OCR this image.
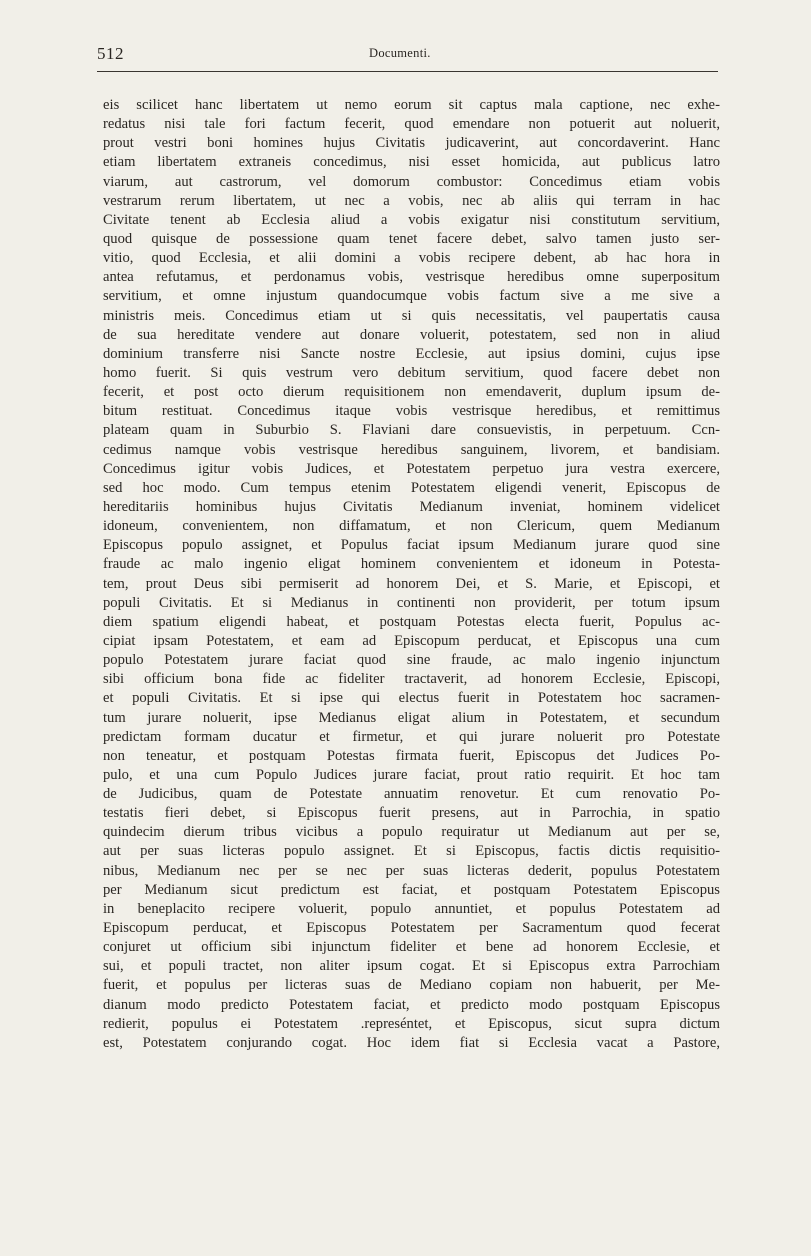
512	Documenti.
eis scilicet hanc libertatem ut nemo eorum sit captus mala captione, nec exhe-
redatus nisi tale fori factum fecerit, quod emendare non potuerit aut noluerit,
prout vestri boni homines hujus Civitatis judicaverint, aut concordaverint. Hanc
etiam libertatem extraneis concedimus, nisi esset homicida, aut publicus latro
viarum, aut castrorum, vel domorum combustor: Concedimus etiam vobis
vestrarum rerum libertatem, ut nec a vobis, nec ab aliis qui terram in hac
Civitate tenent ab Ecclesia aliud a vobis exigatur nisi constitutum servitium,
quod quisque de possessione quam tenet facere debet, salvo tamen justo ser-
vitio, quod Ecclesia, et alii domini a vobis recipere debent, ab hac hora in
antea refutamus, et perdonamus vobis, vestrisque heredibus omne superpositum
servitium, et omne injustum quandocumque vobis factum sive a me sive a
ministris meis. Concedimus etiam ut si quis necessitatis, vel paupertatis causa
de sua hereditate vendere aut donare voluerit, potestatem, sed non in aliud
dominium transferre nisi Sancte nostre Ecclesie, aut ipsius domini, cujus ipse
homo fuerit. Si quis vestrum vero debitum servitium, quod facere debet non
fecerit, et post octo dierum requisitionem non emendaverit, duplum ipsum de-
bitum restituat. Concedimus itaque vobis vestrisque heredibus, et remittimus
plateam quam in Suburbio S. Flaviani dare consuevistis, in perpetuum. Ccn-
cedimus namque vobis vestrisque heredibus sanguinem, livorem, et bandisiam.
Concedimus igitur vobis Judices, et Potestatem perpetuo jura vestra exercere,
sed hoc modo. Cum tempus etenim Potestatem eligendi venerit, Episcopus de
hereditariis hominibus hujus Civitatis Medianum inveniat, hominem videlicet
idoneum, convenientem, non diffamatum, et non Clericum, quem Medianum
Episcopus populo assignet, et Populus faciat ipsum Medianum jurare quod sine
fraude ac malo ingenio eligat hominem convenientem et idoneum in Potesta-
tem, prout Deus sibi permiserit ad honorem Dei, et S. Marie, et Episcopi, et
populi Civitatis. Et si Medianus in continenti non providerit, per totum ipsum
diem spatium eligendi habeat, et postquam Potestas electa fuerit, Populus ac-
cipiat ipsam Potestatem, et eam ad Episcopum perducat, et Episcopus una cum
populo Potestatem jurare faciat quod sine fraude, ac malo ingenio injunctum
sibi officium bona fide ac fideliter tractaverit, ad honorem Ecclesie, Episcopi,
et populi Civitatis. Et si ipse qui electus fuerit in Potestatem hoc sacramen-
tum jurare noluerit, ipse Medianus eligat alium in Potestatem, et secundum
predictam formam ducatur et firmetur, et qui jurare noluerit pro Potestate
non teneatur, et postquam Potestas firmata fuerit, Episcopus det Judices Po-
pulo, et una cum Populo Judices jurare faciat, prout ratio requirit. Et hoc tam
de Judicibus, quam de Potestate annuatim renovetur. Et cum renovatio Po-
testatis fieri debet, si Episcopus fuerit presens, aut in Parrochia, in spatio
quindecim dierum tribus vicibus a populo requiratur ut Medianum aut per se,
aut per suas licteras populo assignet. Et si Episcopus, factis dictis requisitio-
nibus, Medianum nec per se nec per suas licteras dederit, populus Potestatem
per Medianum sicut predictum est faciat, et postquam Potestatem Episcopus
in beneplacito recipere voluerit, populo annuntiet, et populus Potestatem ad
Episcopum perducat, et Episcopus Potestatem per Sacramentum quod fecerat
conjuret ut officium sibi injunctum fideliter et bene ad honorem Ecclesie, et
sui, et populi tractet, non aliter ipsum cogat. Et si Episcopus extra Parrochiam
fuerit, et populus per licteras suas de Mediano copiam non habuerit, per Me-
dianum modo predicto Potestatem faciat, et predicto modo postquam Episcopus
redierit, populus ei Potestatem .represéntet, et Episcopus, sicut supra dictum
est, Potestatem conjurando cogat. Hoc idem fiat si Ecclesia vacat a Pastore,
